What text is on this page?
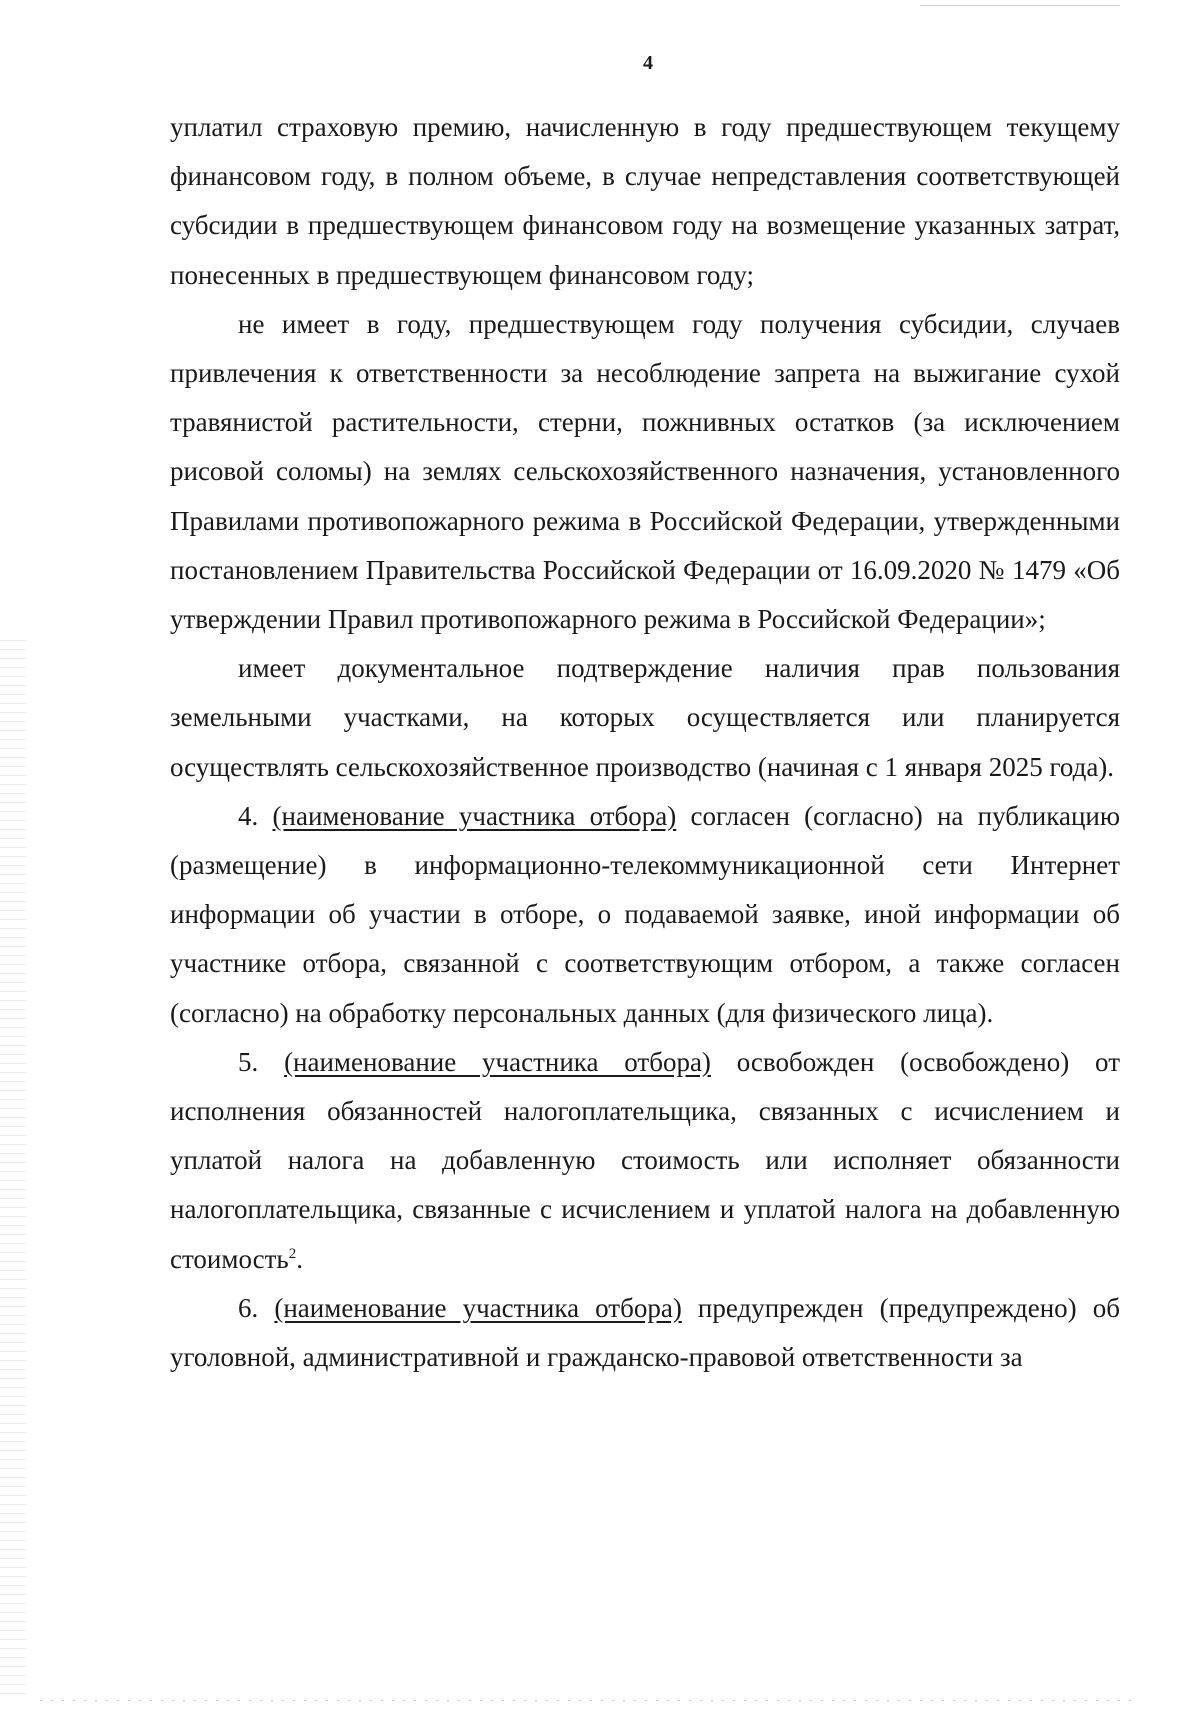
4

уплатил страховую премию, начисленную в году предшествующем текущему финансовом году, в полном объеме, в случае непредставления соответствующей субсидии в предшествующем финансовом году на возмещение указанных затрат, понесенных в предшествующем финансовом году;

не имеет в году, предшествующем году получения субсидии, случаев привлечения к ответственности за несоблюдение запрета на выжигание сухой травянистой растительности, стерни, пожнивных остатков (за исключением рисовой соломы) на землях сельскохозяйственного назначения, установленного Правилами противопожарного режима в Российской Федерации, утвержденными постановлением Правительства Российской Федерации от 16.09.2020 № 1479 «Об утверждении Правил противопожарного режима в Российской Федерации»;

имеет документальное подтверждение наличия прав пользования земельными участками, на которых осуществляется или планируется осуществлять сельскохозяйственное производство (начиная с 1 января 2025 года).

4. (наименование участника отбора) согласен (согласно) на публикацию (размещение) в информационно-телекоммуникационной сети Интернет информации об участии в отборе, о подаваемой заявке, иной информации об участнике отбора, связанной с соответствующим отбором, а также согласен (согласно) на обработку персональных данных (для физического лица).

5. (наименование участника отбора) освобожден (освобождено) от исполнения обязанностей налогоплательщика, связанных с исчислением и уплатой налога на добавленную стоимость или исполняет обязанности налогоплательщика, связанные с исчислением и уплатой налога на добавленную стоимость$^2$.

6. (наименование участника отбора) предупрежден (предупреждено) об уголовной, административной и гражданско-правовой ответственности за
